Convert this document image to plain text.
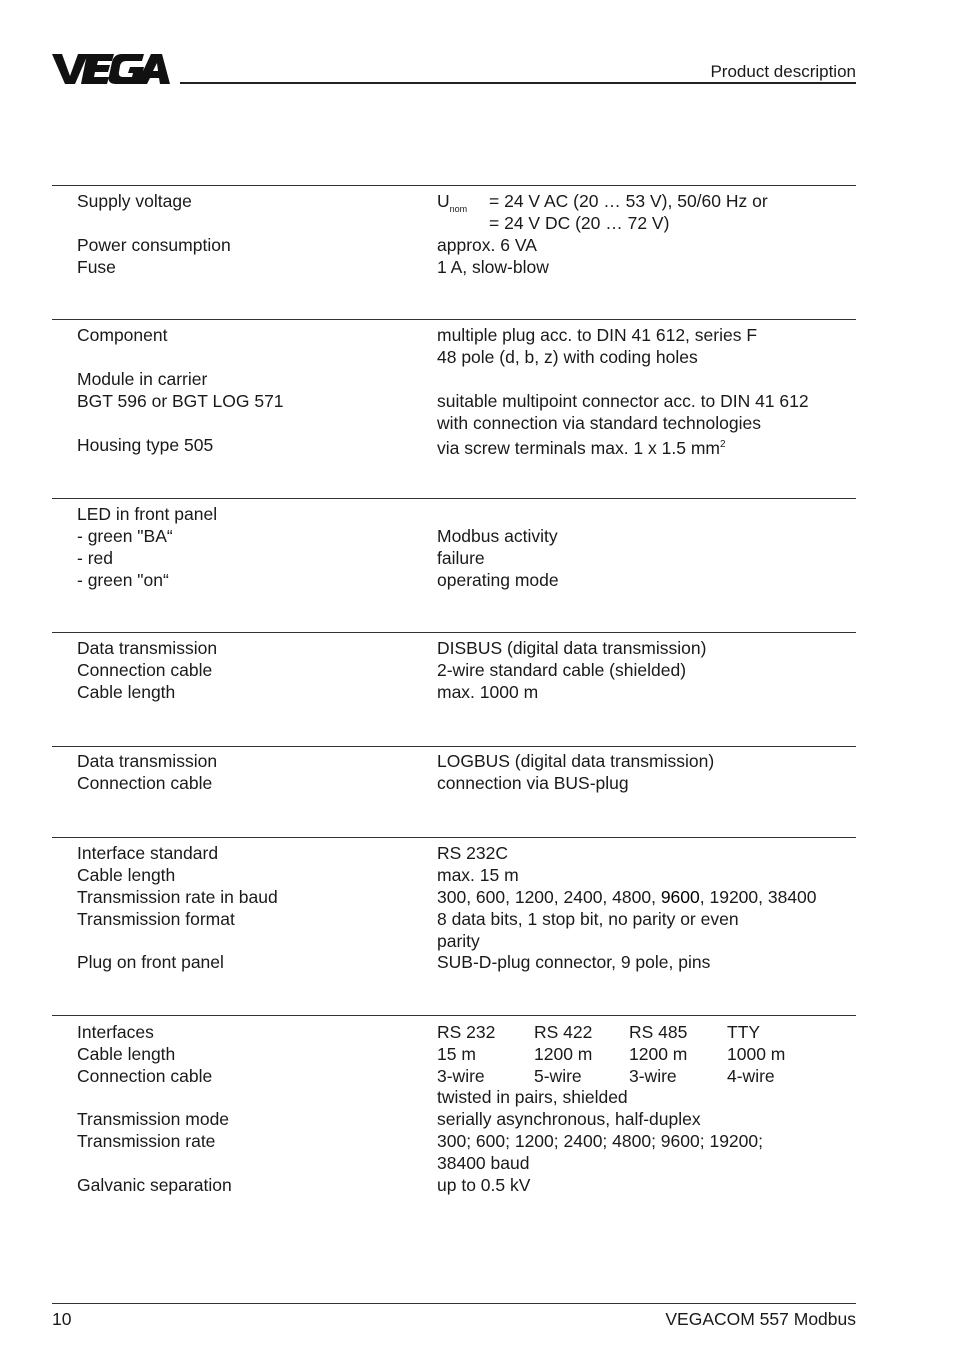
Product description
Supply voltage	$U_{nom} = 24$ V AC (20 … 53 V), 50/60 Hz or
= 24 V DC (20 … 72 V)
Power consumption	approx. 6 VA
Fuse	1 A, slow-blow
Component	multiple plug acc. to DIN 41 612, series F
48 pole (d, b, z) with coding holes
Module in carrier
BGT 596 or BGT LOG 571	suitable multipoint connector acc. to DIN 41 612
with connection via standard technologies
Housing type 505	via screw terminals max. 1 x 1.5 $mm^2$
LED in front panel
- green "BA“	Modbus activity
- red	failure
- green "on“	operating mode
Data transmission	DISBUS (digital data transmission)
Connection cable	2-wire standard cable (shielded)
Cable length	max. 1000 m
Data transmission	LOGBUS (digital data transmission)
Connection cable	connection via BUS-plug
Interface standard	RS 232C
Cable length	max. 15 m
Transmission rate in baud	300, 600, 1200, 2400, 4800, 9600, 19200, 38400
Transmission format	8 data bits, 1 stop bit, no parity or even
parity
Plug on front panel	SUB-D-plug connector, 9 pole, pins
Interfaces	RS 232 RS 422 RS 485 TTY
Cable length	15 m	1200 m 1200 m 1000 m
Connection cable	3-wire	5-wire	3-wire	4-wire
twisted in pairs, shielded
Transmission mode	serially asynchronous, half-duplex
Transmission rate	300; 600; 1200; 2400; 4800; 9600; 19200;
38400 baud
Galvanic separation	up to 0.5 kV
10	VEGACOM 557 Modbus
